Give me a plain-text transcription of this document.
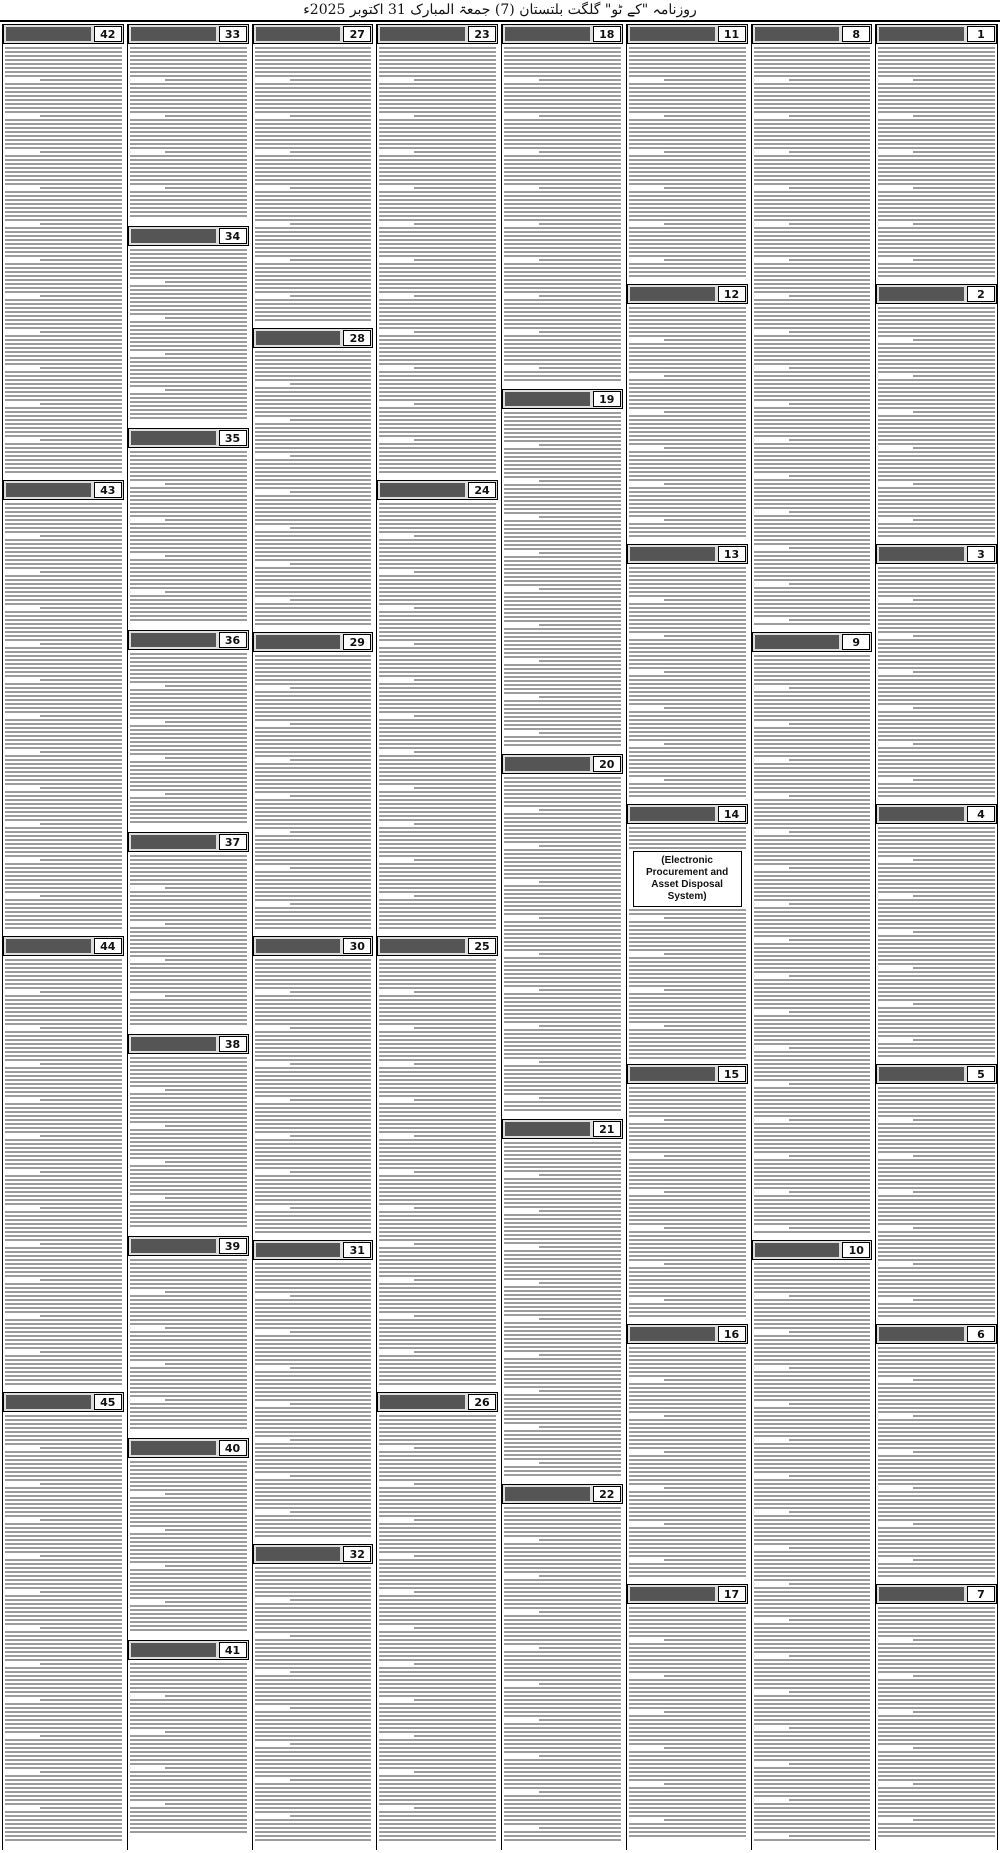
روزنامہ "کے ٹو" گلگت بلتستان (7) جمعۃ المبارک 31 اکتوبر 2025ء
1
2
3
4
5
6
7
8
9
10
11
12
13
14
(Electronic Procurement and Asset Disposal System)
15
16
17
18
19
20
21
22
23
24
25
26
27
28
29
30
31
32
33
34
35
36
37
38
39
40
41
42
43
44
45
